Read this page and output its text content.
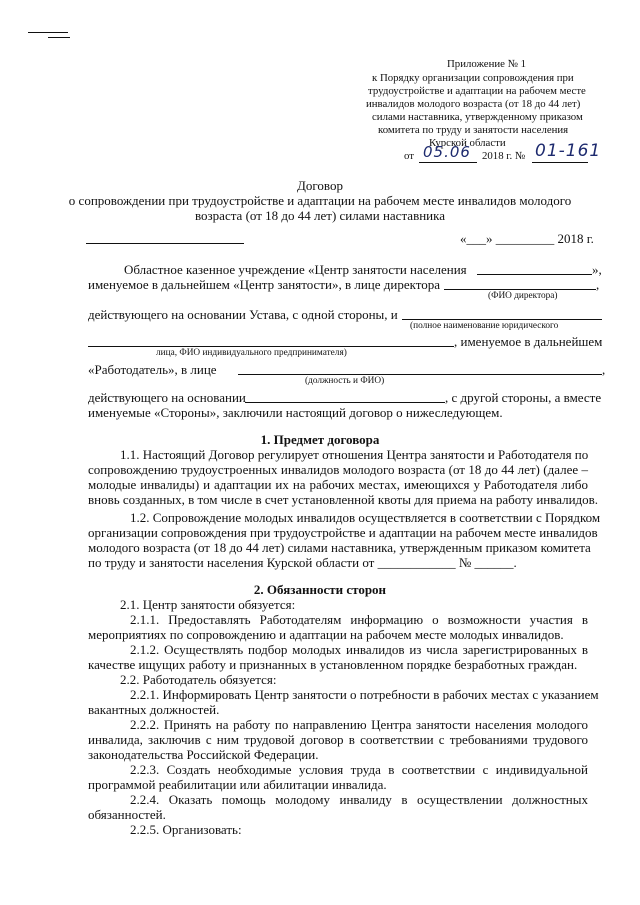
Приложение № 1
к Порядку организации сопровождения при
трудоустройстве и адаптации на рабочем месте
инвалидов молодого возраста (от 18 до 44 лет)
силами наставника, утвержденному приказом
комитета по труду и занятости населения
Курской области
от 05.06 2018 г. № 01-161
Договор
о сопровождении при трудоустройстве и адаптации на рабочем месте инвалидов молодого
возраста (от 18 до 44 лет) силами наставника
«___» _________ 2018 г.
Областное казенное учреждение «Центр занятости населения	»,
именуемое в дальнейшем «Центр занятости», в лице директора	,
(ФИО директора)
действующего на основании Устава, с одной стороны, и
(полное наименование юридического
, именуемое в дальнейшем
лица, ФИО индивидуального предпринимателя)
«Работодатель», в лице	,
(должность и ФИО)
действующего на основании	, с другой стороны, а вместе
именуемые «Стороны», заключили настоящий договор о нижеследующем.
1. Предмет договора
1.1. Настоящий Договор регулирует отношения Центра занятости и Работодателя по
сопровождению трудоустроенных инвалидов молодого возраста (от 18 до 44 лет) (далее –
молодые инвалиды) и адаптации их на рабочих местах, имеющихся у Работодателя либо
вновь созданных, в том числе в счет установленной квоты для приема на работу инвалидов.
1.2. Сопровождение молодых инвалидов осуществляется в соответствии с Порядком
организации сопровождения при трудоустройстве и адаптации на рабочем месте инвалидов
молодого возраста (от 18 до 44 лет) силами наставника, утвержденным приказом комитета
по труду и занятости населения Курской области от ____________ № ______.
2. Обязанности сторон
2.1. Центр занятости обязуется:
2.1.1. Предоставлять Работодателям информацию о возможности участия в
мероприятиях по сопровождению и адаптации на рабочем месте молодых инвалидов.
2.1.2. Осуществлять подбор молодых инвалидов из числа зарегистрированных в
качестве ищущих работу и признанных в установленном порядке безработных граждан.
2.2. Работодатель обязуется:
2.2.1. Информировать Центр занятости о потребности в рабочих местах с указанием
вакантных должностей.
2.2.2. Принять на работу по направлению Центра занятости населения молодого
инвалида, заключив с ним трудовой договор в соответствии с требованиями трудового
законодательства Российской Федерации.
2.2.3. Создать необходимые условия труда в соответствии с индивидуальной
программой реабилитации или абилитации инвалида.
2.2.4. Оказать помощь молодому инвалиду в осуществлении должностных
обязанностей.
2.2.5. Организовать:
